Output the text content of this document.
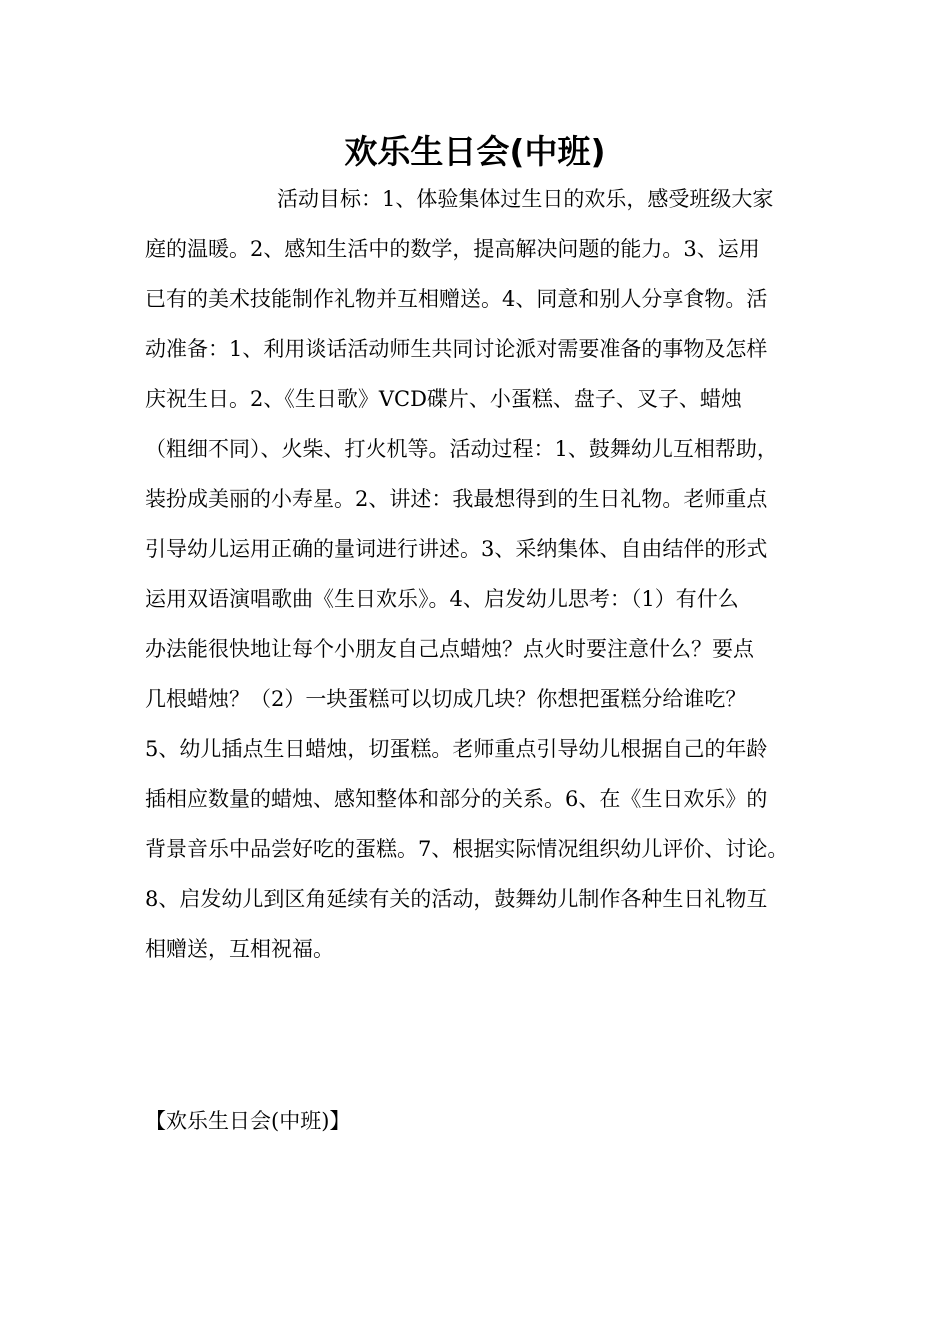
欢乐生日会(中班)

活动目标：1、体验集体过生日的欢乐，感受班级大家

庭的温暖。2、感知生活中的数学，提高解决问题的能力。3、运用

已有的美术技能制作礼物并互相赠送。4、同意和别人分享食物。活

动准备：1、利用谈话活动师生共同讨论派对需要准备的事物及怎样

庆祝生日。2、《生日歌》VCD碟片、小蛋糕、盘子、叉子、蜡烛

（粗细不同）、火柴、打火机等。活动过程：1、鼓舞幼儿互相帮助，

装扮成美丽的小寿星。2、讲述：我最想得到的生日礼物。老师重点

引导幼儿运用正确的量词进行讲述。3、采纳集体、自由结伴的形式

运用双语演唱歌曲《生日欢乐》。4、启发幼儿思考：（1）有什么

办法能很快地让每个小朋友自己点蜡烛？点火时要注意什么？要点

几根蜡烛？（2）一块蛋糕可以切成几块？你想把蛋糕分给谁吃？

5、幼儿插点生日蜡烛，切蛋糕。老师重点引导幼儿根据自己的年龄

插相应数量的蜡烛、感知整体和部分的关系。6、在《生日欢乐》的

背景音乐中品尝好吃的蛋糕。7、根据实际情况组织幼儿评价、讨论。

8、启发幼儿到区角延续有关的活动，鼓舞幼儿制作各种生日礼物互

相赠送，互相祝福。

【欢乐生日会(中班)】
